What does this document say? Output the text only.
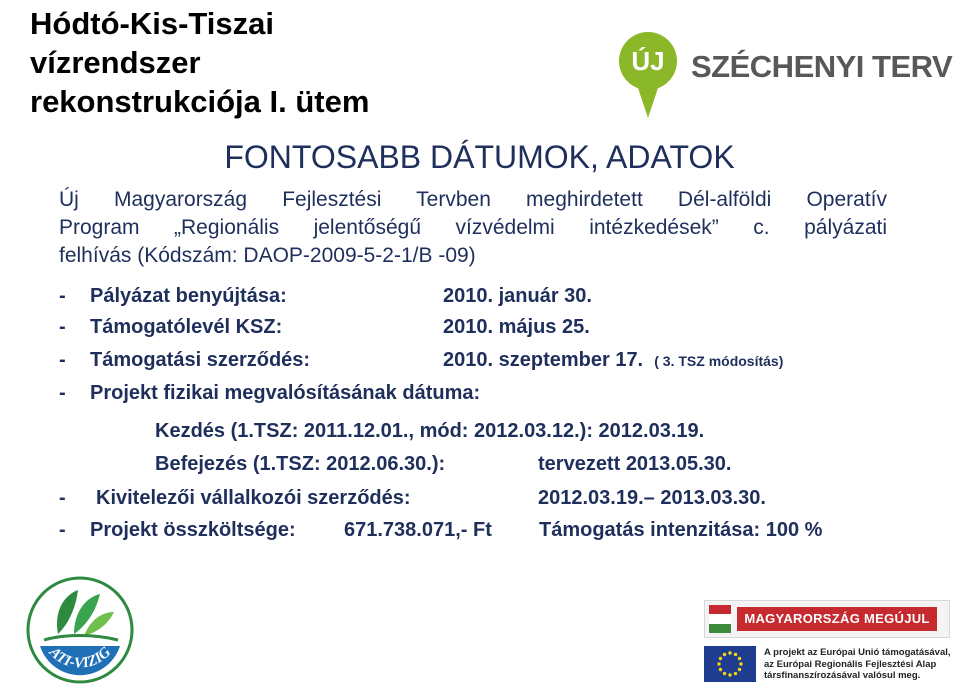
Hódtó-Kis-Tiszai
vízrendszer
rekonstrukciója I. ütem
ÚJ SZÉCHENYI TERV
FONTOSABB DÁTUMOK, ADATOK
Új Magyarország Fejlesztési Tervben meghirdetett Dél-alföldi Operatív
Program „Regionális jelentőségű vízvédelmi intézkedések” c. pályázati
felhívás (Kódszám: DAOP-2009-5-2-1/B -09)
- Pályázat benyújtása:	2010. január 30.
- Támogatólevél KSZ:	2010. május 25.
- Támogatási szerződés:	2010. szeptember 17. ( 3. TSZ módosítás)
- Projekt fizikai megvalósításának dátuma:
Kezdés (1.TSZ: 2011.12.01., mód: 2012.03.12.): 2012.03.19.
Befejezés (1.TSZ: 2012.06.30.):	tervezett 2013.05.30.
- Kivitelezői vállalkozói szerződés:	2012.03.19.– 2013.03.30.
- Projekt összköltsége: 671.738.071,- Ft Támogatás intenzitása: 100 %
ATI-VIZIG
MAGYARORSZÁG MEGÚJUL
A projekt az Európai Unió támogatásával,
az Európai Regionális Fejlesztési Alap
társfinanszírozásával valósul meg.
